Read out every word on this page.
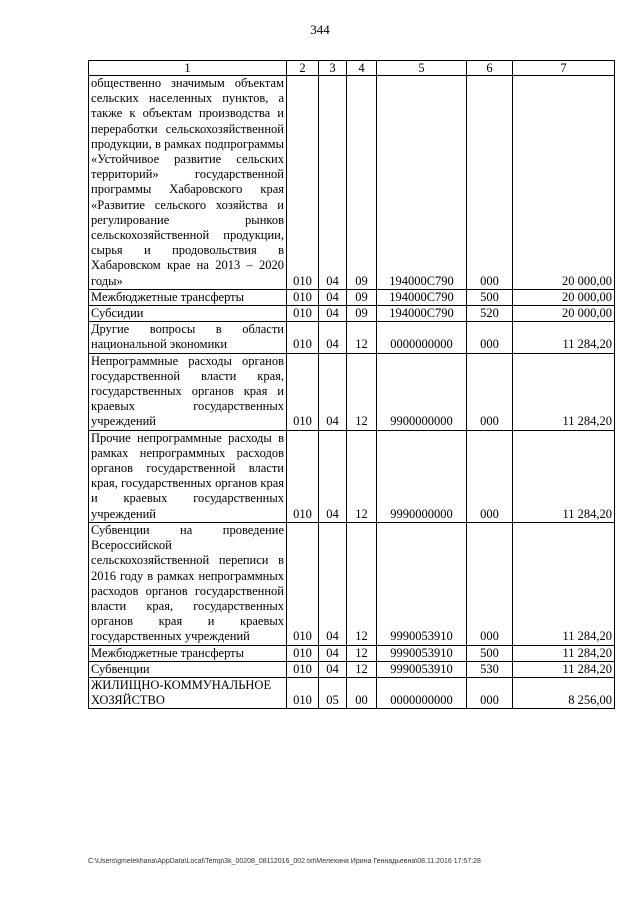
344
1	2	3	4	5	6	7
общественно значимым объектам сельских населенных пунктов, а также к объектам производства и переработки сельскохозяйственной продукции, в рамках подпрограммы «Устойчивое развитие сельских территорий» государственной программы Хабаровского края «Развитие сельского хозяйства и регулирование рынков сельскохозяйственной продукции, сырья и продовольствия в Хабаровском крае на 2013 – 2020 годы»	010	04	09	194000С790	000	20 000,00
Межбюджетные трансферты	010	04	09	194000С790	500	20 000,00
Субсидии	010	04	09	194000С790	520	20 000,00
Другие вопросы в области национальной экономики	010	04	12	0000000000	000	11 284,20
Непрограммные расходы органов государственной власти края, государственных органов края и краевых государственных учреждений	010	04	12	9900000000	000	11 284,20
Прочие непрограммные расходы в рамках непрограммных расходов органов государственной власти края, государственных органов края и краевых государственных учреждений	010	04	12	9990000000	000	11 284,20
Субвенции на проведение Всероссийской сельскохозяйственной переписи в 2016 году в рамках непрограммных расходов органов государственной власти края, государственных органов края и краевых государственных учреждений	010	04	12	9990053910	000	11 284,20
Межбюджетные трансферты	010	04	12	9990053910	500	11 284,20
Субвенции	010	04	12	9990053910	530	11 284,20
ЖИЛИЩНО-КОММУНАЛЬНОЕ ХОЗЯЙСТВО	010	05	00	0000000000	000	8 256,00
C:\Users\gmelekhana\AppData\Local\Temp\3k_00208_08112016_002.txt\Мелехина Ирина Геннадьевна\08.11.2016 17:57:28
